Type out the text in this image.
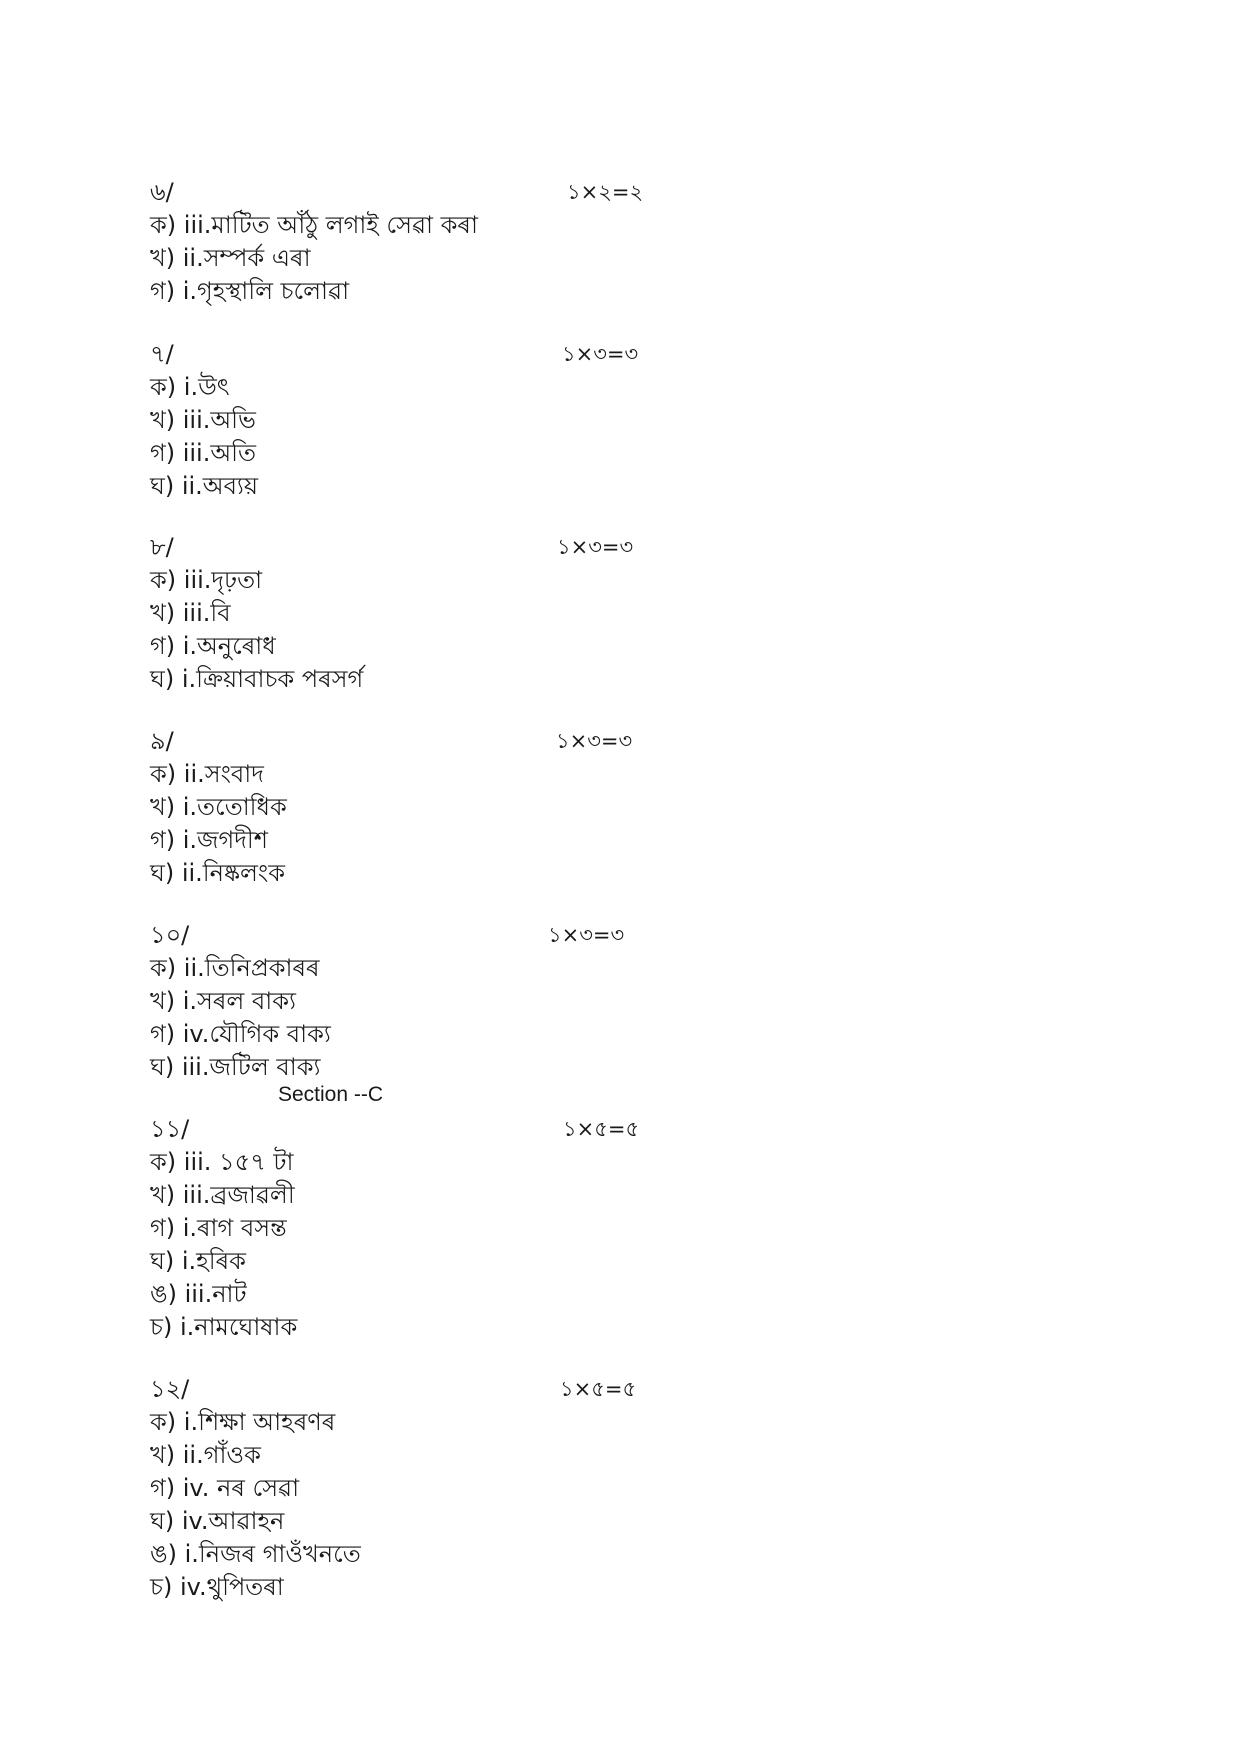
৬/	১×২=২
ক) iii.মাটিত আঁঠু লগাই সেৱা কৰা
খ) ii.সম্পৰ্ক এৰা
গ) i.গৃহস্থালি চলোৱা
৭/	১×৩=৩
ক) i.উৎ
খ) iii.অভি
গ) iii.অতি
ঘ) ii.অব্যয়
৮/	১×৩=৩
ক) iii.দৃঢ়তা
খ) iii.বি
গ) i.অনুৰোধ
ঘ) i.ক্ৰিয়াবাচক পৰসৰ্গ
৯/	১×৩=৩
ক) ii.সংবাদ
খ) i.ততোধিক
গ) i.জগদীশ
ঘ) ii.নিষ্কলংক
১০/	১×৩=৩
ক) ii.তিনিপ্ৰকাৰৰ
খ) i.সৰল বাক্য
গ) iv.যৌগিক বাক্য
ঘ) iii.জটিল বাক্য
Section --C
১১/	১×৫=৫
ক) iii. ১৫৭ টা
খ) iii.ব্ৰজাৱলী
গ) i.ৰাগ বসন্ত
ঘ) i.হৰিক
ঙ) iii.নাট
চ) i.নামঘোষাক
১২/	১×৫=৫
ক) i.শিক্ষা আহৰণৰ
খ) ii.গাঁওক
গ) iv. নৰ সেৱা
ঘ) iv.আৱাহন
ঙ) i.নিজৰ গাওঁখনতে
চ) iv.থুপিতৰা
